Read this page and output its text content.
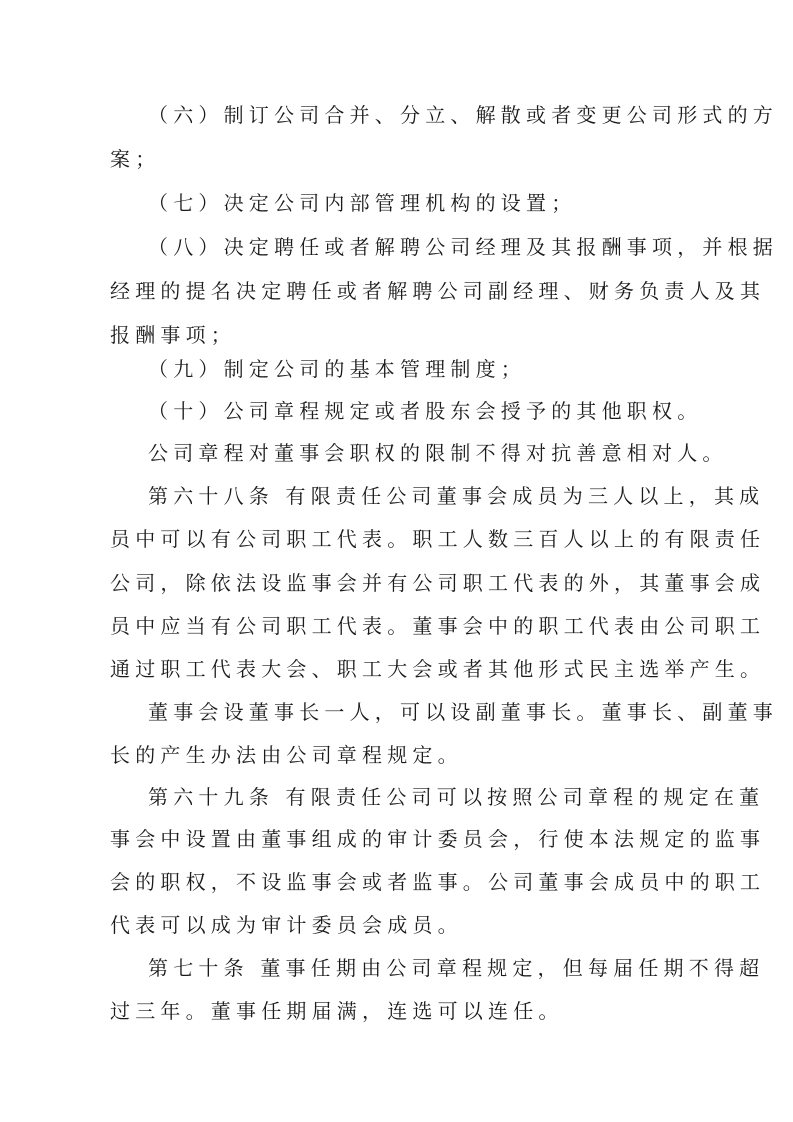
（六）制订公司合并、分立、解散或者变更公司形式的方
案；
（七）决定公司内部管理机构的设置；
（八）决定聘任或者解聘公司经理及其报酬事项，并根据
经理的提名决定聘任或者解聘公司副经理、财务负责人及其
报酬事项；
（九）制定公司的基本管理制度；
（十）公司章程规定或者股东会授予的其他职权。
公司章程对董事会职权的限制不得对抗善意相对人。
第六十八条 有限责任公司董事会成员为三人以上，其成
员中可以有公司职工代表。职工人数三百人以上的有限责任
公司，除依法设监事会并有公司职工代表的外，其董事会成
员中应当有公司职工代表。董事会中的职工代表由公司职工
通过职工代表大会、职工大会或者其他形式民主选举产生。
董事会设董事长一人，可以设副董事长。董事长、副董事
长的产生办法由公司章程规定。
第六十九条 有限责任公司可以按照公司章程的规定在董
事会中设置由董事组成的审计委员会，行使本法规定的监事
会的职权，不设监事会或者监事。公司董事会成员中的职工
代表可以成为审计委员会成员。
第七十条 董事任期由公司章程规定，但每届任期不得超
过三年。董事任期届满，连选可以连任。
